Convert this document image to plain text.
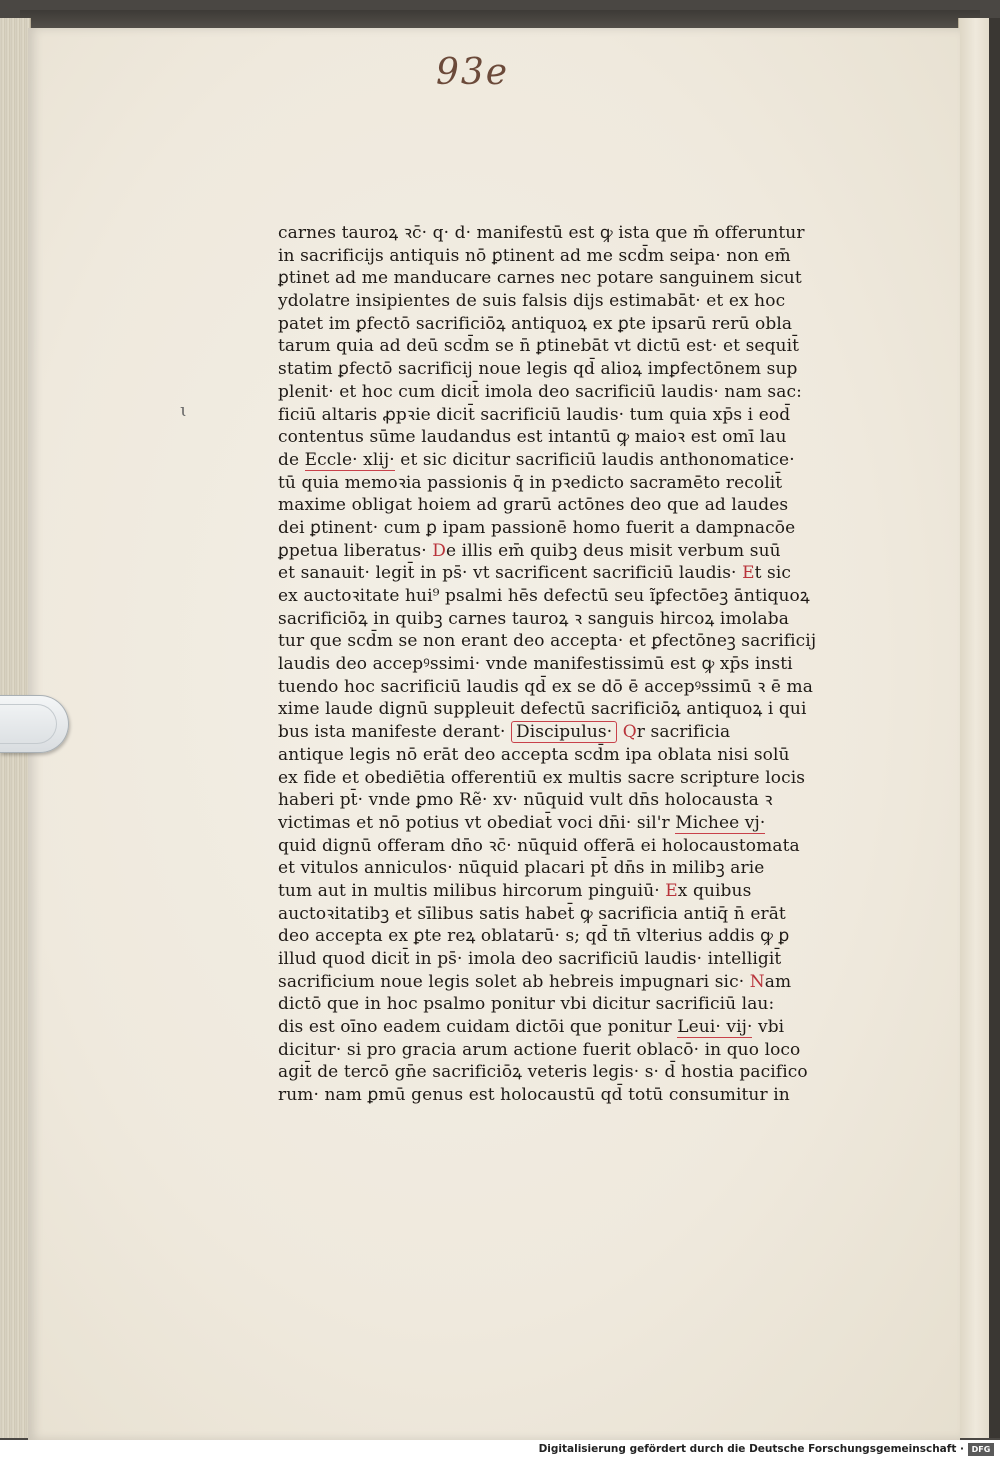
93e
ɩ
carnes tauroꝝ ꝛc̄· q· d· manifestū est ꝙ ista que m̄ offeruntur
in sacrificijs antiquis nō ꝑtinent ad me scd̄m seipa· non em̄
ꝑtinet ad me manducare carnes nec potare sanguinem sicut
ydolatre insipientes de suis falsis dijs estimabāt· et ex hoc
patet im ꝑfectō sacrificiōꝝ antiquoꝝ ex ꝑte ipsarū rerū obla
tarum quia ad deū scd̄m se n̄ ꝑtinebāt vt dictū est· et sequit̄
statim ꝑfectō sacrificij noue legis qd̄ alioꝝ imꝑfectōnem sup
plenit· et hoc cum dicit̄ imola deo sacrificiū laudis· nam sac:
ficiū altaris ꝓpꝛie dicit̄ sacrificiū laudis· tum quia xp̄s i eod̄
contentus sūme laudandus est intantū ꝙ maioꝛ est omī lau
de Eccle· xlij· et sic dicitur sacrificiū laudis anthonomatice·
tū quia memoꝛia passionis q̄ in pꝛedicto sacramēto recolit̄
maxime obligat hoiem ad grarū actōnes deo que ad laudes
dei ꝑtinent· cum ꝑ ipam passionē homo fuerit a dampnacōe
ꝑpetua liberatus· De illis em̄ quibꝫ deus misit verbum suū
et sanauit· legit̄ in ps̄· vt sacrificent sacrificiū laudis· Et sic
ex auctoꝛitate hui⁹ psalmi hēs defectū seu ĩꝑfectōeꝫ āntiquoꝝ
sacrificiōꝝ in quibꝫ carnes tauroꝝ ꝛ sanguis hircoꝝ imolaba
tur que scd̄m se non erant deo accepta· et ꝑfectōneꝫ sacrificij
laudis deo accepꝰssimi· vnde manifestissimū est ꝙ xp̄s insti
tuendo hoc sacrificiū laudis qd̄ ex se dō ē accepꝰssimū ꝛ ē ma
xime laude dignū suppleuit defectū sacrificiōꝝ antiquoꝝ i qui
bus ista manifeste derant· Discipulus· Qr sacrificia
antique legis nō erāt deo accepta scd̄m ipa oblata nisi solū
ex fide et obediētia offerentiū ex multis sacre scripture locis
haberi pt̄· vnde ꝑmo Rẽ· xv· nūquid vult dn̄s holocausta ꝛ
victimas et nō potius vt obediat̄ voci dn̄i· sil'r Michee vj·
quid dignū offeram dn̄o ꝛc̄· nūquid offerā ei holocaustomata
et vitulos anniculos· nūquid placari pt̄ dn̄s in milibꝫ arie
tum aut in multis milibus hircorum pinguiū· Ex quibus
auctoꝛitatibꝫ et sīlibus satis habet̄ ꝙ sacrificia antiq̄ n̄ erāt
deo accepta ex ꝑte reꝝ oblatarū· s; qd̄ tn̄ vlterius addis ꝙ ꝑ
illud quod dicit̄ in ps̄· imola deo sacrificiū laudis· intelligit̄
sacrificium noue legis solet ab hebreis impugnari sic· Nam
dictō que in hoc psalmo ponitur vbi dicitur sacrificiū lau:
dis est oīno eadem cuidam dictōi que ponitur Leui· vij· vbi
dicitur· si pro gracia arum actione fuerit oblacō· in quo loco
agit̄ de tercō gn̄e sacrificiōꝝ veteris legis· s· d̄ hostia pacifico
rum· nam ꝑmū genus est holocaustū qd̄ totū consumitur in
Digitalisierung gefördert durch die Deutsche Forschungsgemeinschaft · DFG
